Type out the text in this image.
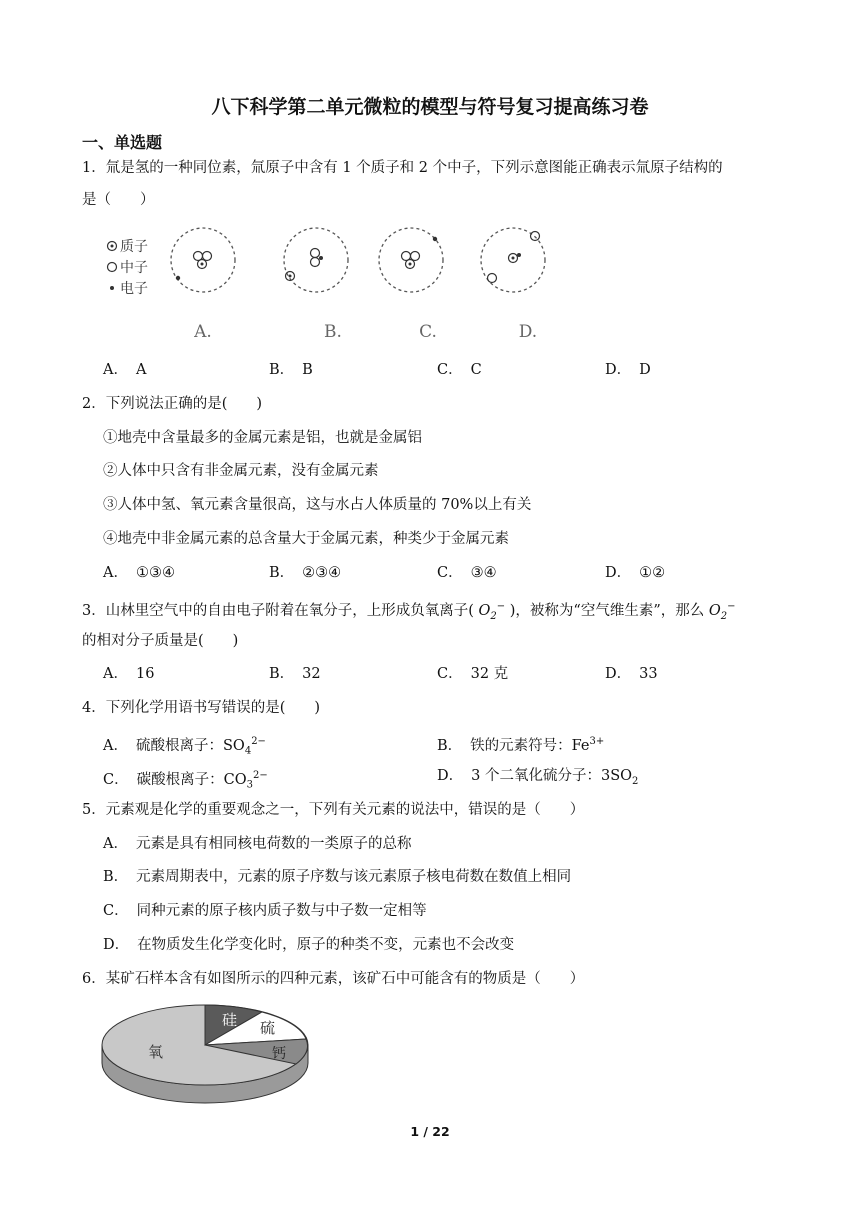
八下科学第二单元微粒的模型与符号复习提高练习卷
一、单选题
1．氚是氢的一种同位素，氚原子中含有 1 个质子和 2 个中子，下列示意图能正确表示氚原子结构的
是（　　）
质子
中子
电子
A.	B.	C.	D.
A． A	B． B	C． C	D． D
2．下列说法正确的是(　　)
①地壳中含量最多的金属元素是铝，也就是金属铝
②人体中只含有非金属元素，没有金属元素
③人体中氢、氧元素含量很高，这与水占人体质量的 70%以上有关
④地壳中非金属元素的总含量大于金属元素，种类少于金属元素
A． ①③④	B． ②③④	C． ③④	D． ①②
3．山林里空气中的自由电子附着在氧分子，上形成负氧离子( $O_2^-$ )，被称为“空气维生素”，那么 $O_2^-$
的相对分子质量是(　　)
A． 16	B． 32	C． 32 克	D． 33
4．下列化学用语书写错误的是(　　)
A． 硫酸根离子：$SO_4^{2-}$	B． 铁的元素符号：$Fe^{3+}$
C． 碳酸根离子：$CO_3^{2-}$	D． 3 个二氧化硫分子：$3SO_2$
5．元素观是化学的重要观念之一，下列有关元素的说法中，错误的是（　　）
A． 元素是具有相同核电荷数的一类原子的总称
B． 元素周期表中，元素的原子序数与该元素原子核电荷数在数值上相同
C． 同种元素的原子核内质子数与中子数一定相等
D． 在物质发生化学变化时，原子的种类不变，元素也不会改变
6．某矿石样本含有如图所示的四种元素，该矿石中可能含有的物质是（　　）
硅 硫
钙
氧
1 / 22
